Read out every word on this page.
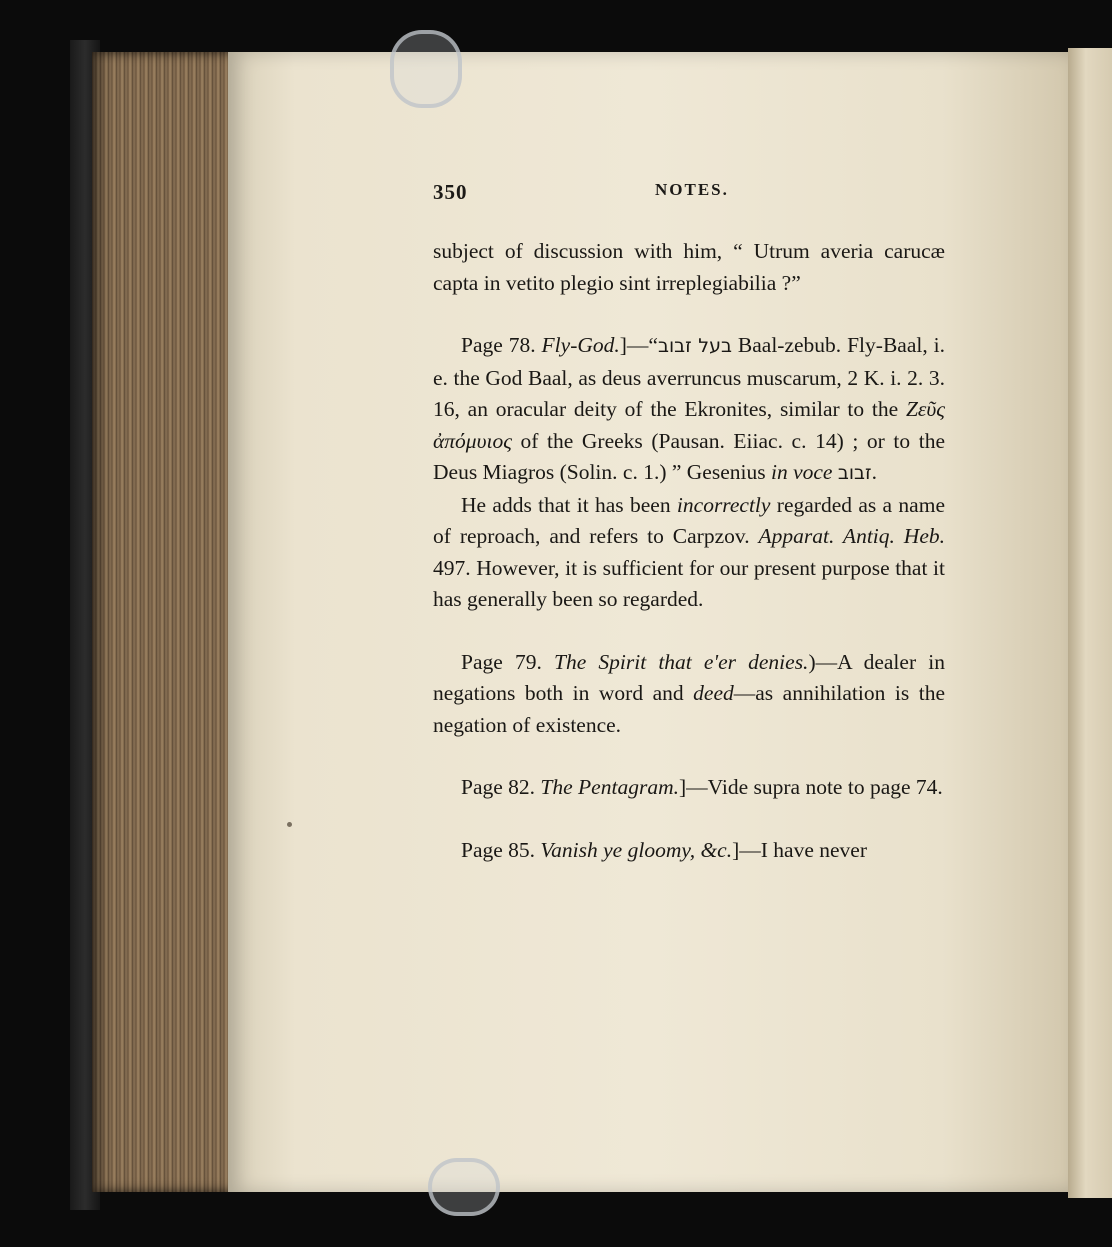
350	NOTES.

subject of discussion with him, “ Utrum averia carucæ capta in vetito plegio sint irreplegiabilia ?”

Page 78. Fly-God.]—“בעל זבוב Baal-zebub. Fly-Baal, i. e. the God Baal, as deus averruncus muscarum, 2 K. i. 2. 3. 16, an oracular deity of the Ekronites, similar to the Ζεῦς ἀπόμυιος of the Greeks (Pausan. Eiiac. c. 14) ; or to the Deus Miagros (Solin. c. 1.) ” Gesenius in voce זבוב.

He adds that it has been incorrectly regarded as a name of reproach, and refers to Carpzov. Apparat. Antiq. Heb. 497. However, it is sufficient for our present purpose that it has generally been so regarded.

Page 79. The Spirit that e'er denies.)—A dealer in negations both in word and deed—as annihilation is the negation of existence.

Page 82. The Pentagram.]—Vide supra note to page 74.

Page 85. Vanish ye gloomy, &c.]—I have never
